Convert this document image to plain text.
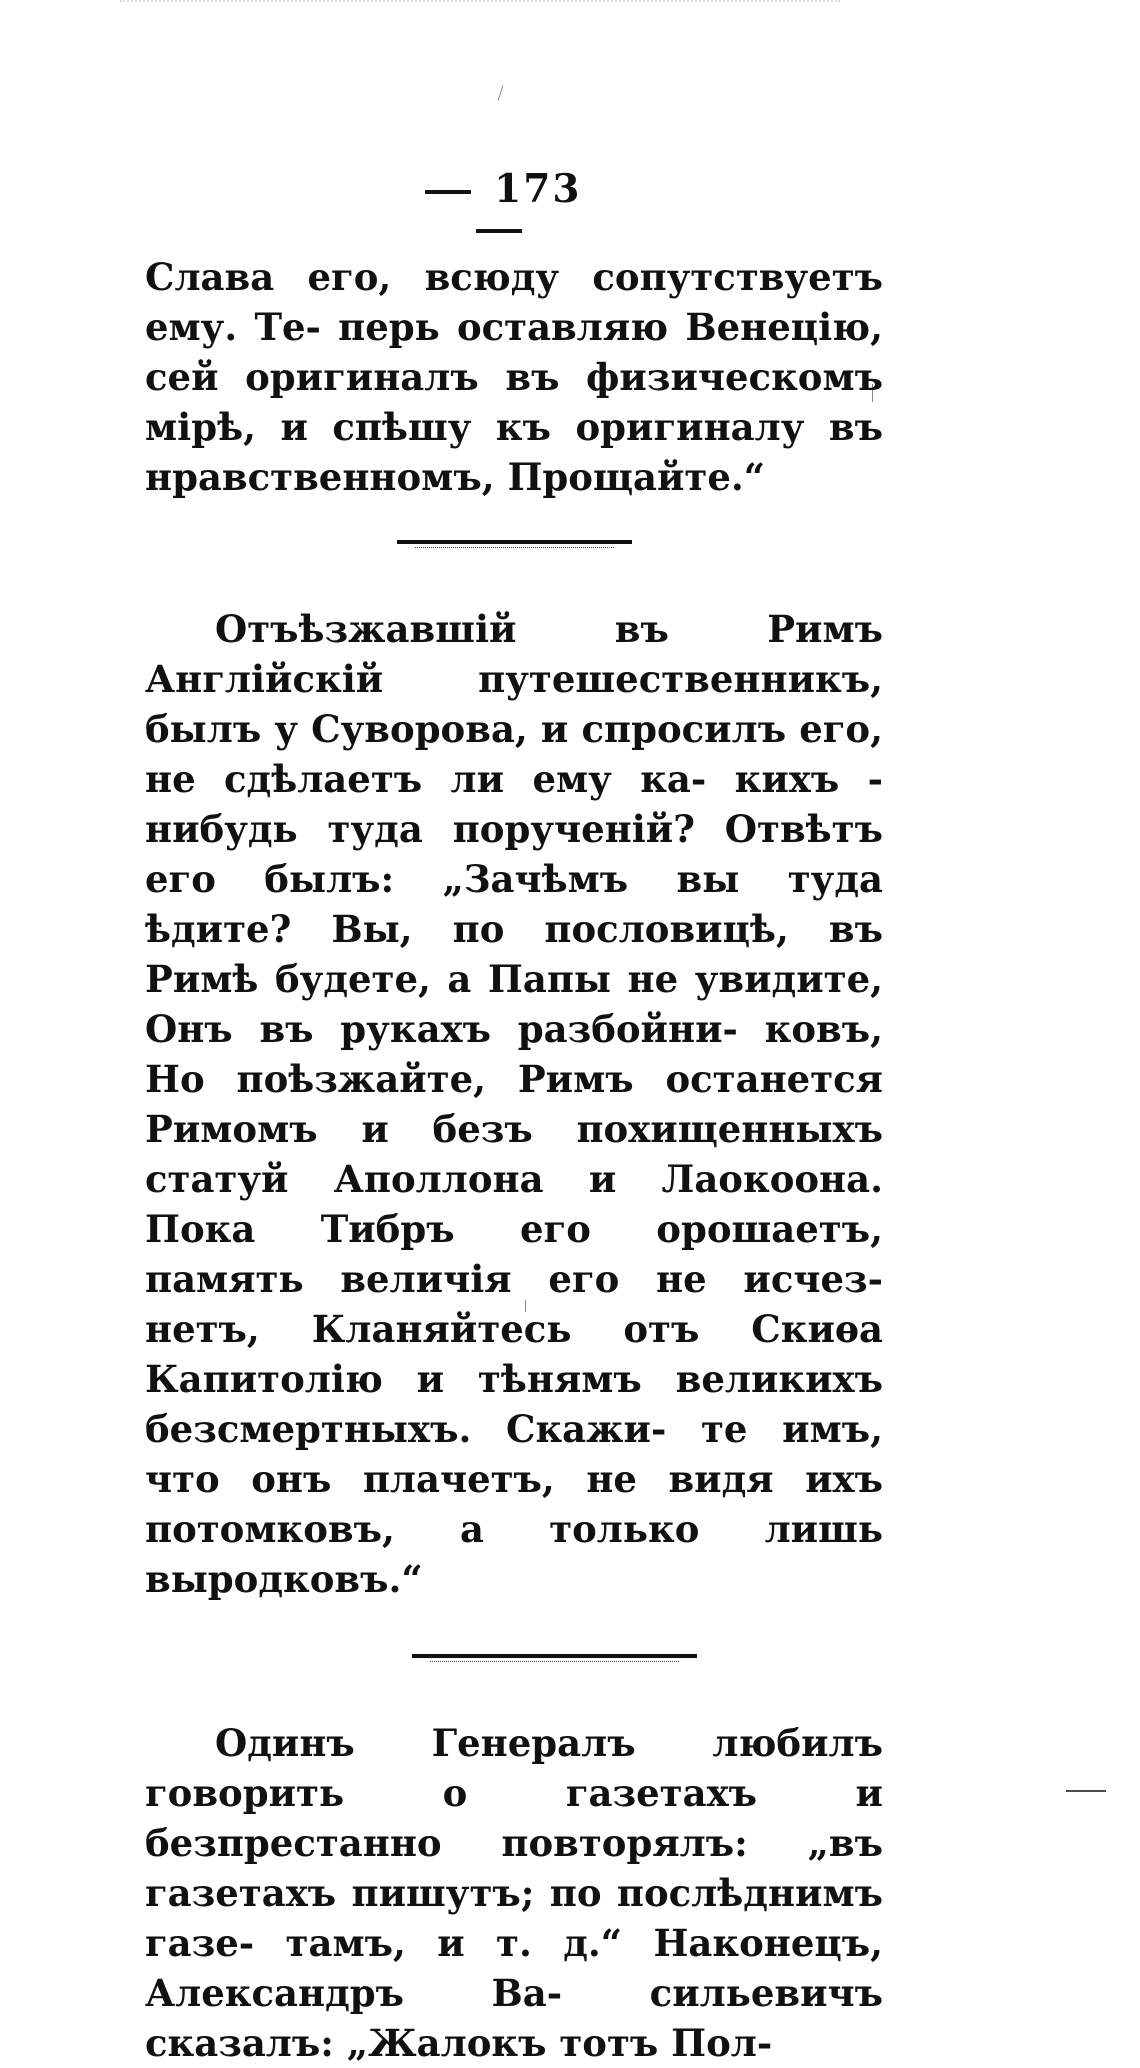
173

Слава его, всюду сопутствуетъ ему. Те- перь оставляю Венецію, сей оригиналъ въ физическомъ мірѣ, и спѣшу къ оригиналу въ нравственномъ, Прощайте.“

Отъѣзжавшій въ Римъ Англійскій путешественникъ, былъ у Суворова, и спросилъ его, не сдѣлаетъ ли ему ка- кихъ - нибудь туда порученій? Отвѣтъ его былъ: „Зачѣмъ вы туда ѣдите? Вы, по пословицѣ, въ Римѣ будете, а Папы не увидите, Онъ въ рукахъ разбойни- ковъ, Но поѣзжайте, Римъ останется Римомъ и безъ похищенныхъ статуй Аполлона и Лаокоона. Пока Тибръ его орошаетъ, память величія его не исчез- нетъ, Кланяйтесь отъ Скиѳа Капитолію и тѣнямъ великихъ безсмертныхъ. Скажи- те имъ, что онъ плачетъ, не видя ихъ потомковъ, а только лишь выродковъ.“

Одинъ Генералъ любилъ говорить о газетахъ и безпрестанно повторялъ: „въ газетахъ пишутъ; по послѣднимъ газе- тамъ, и т. д.“ Наконецъ, Александръ Ва- сильевичъ сказалъ: „Жалокъ тотъ Пол-
